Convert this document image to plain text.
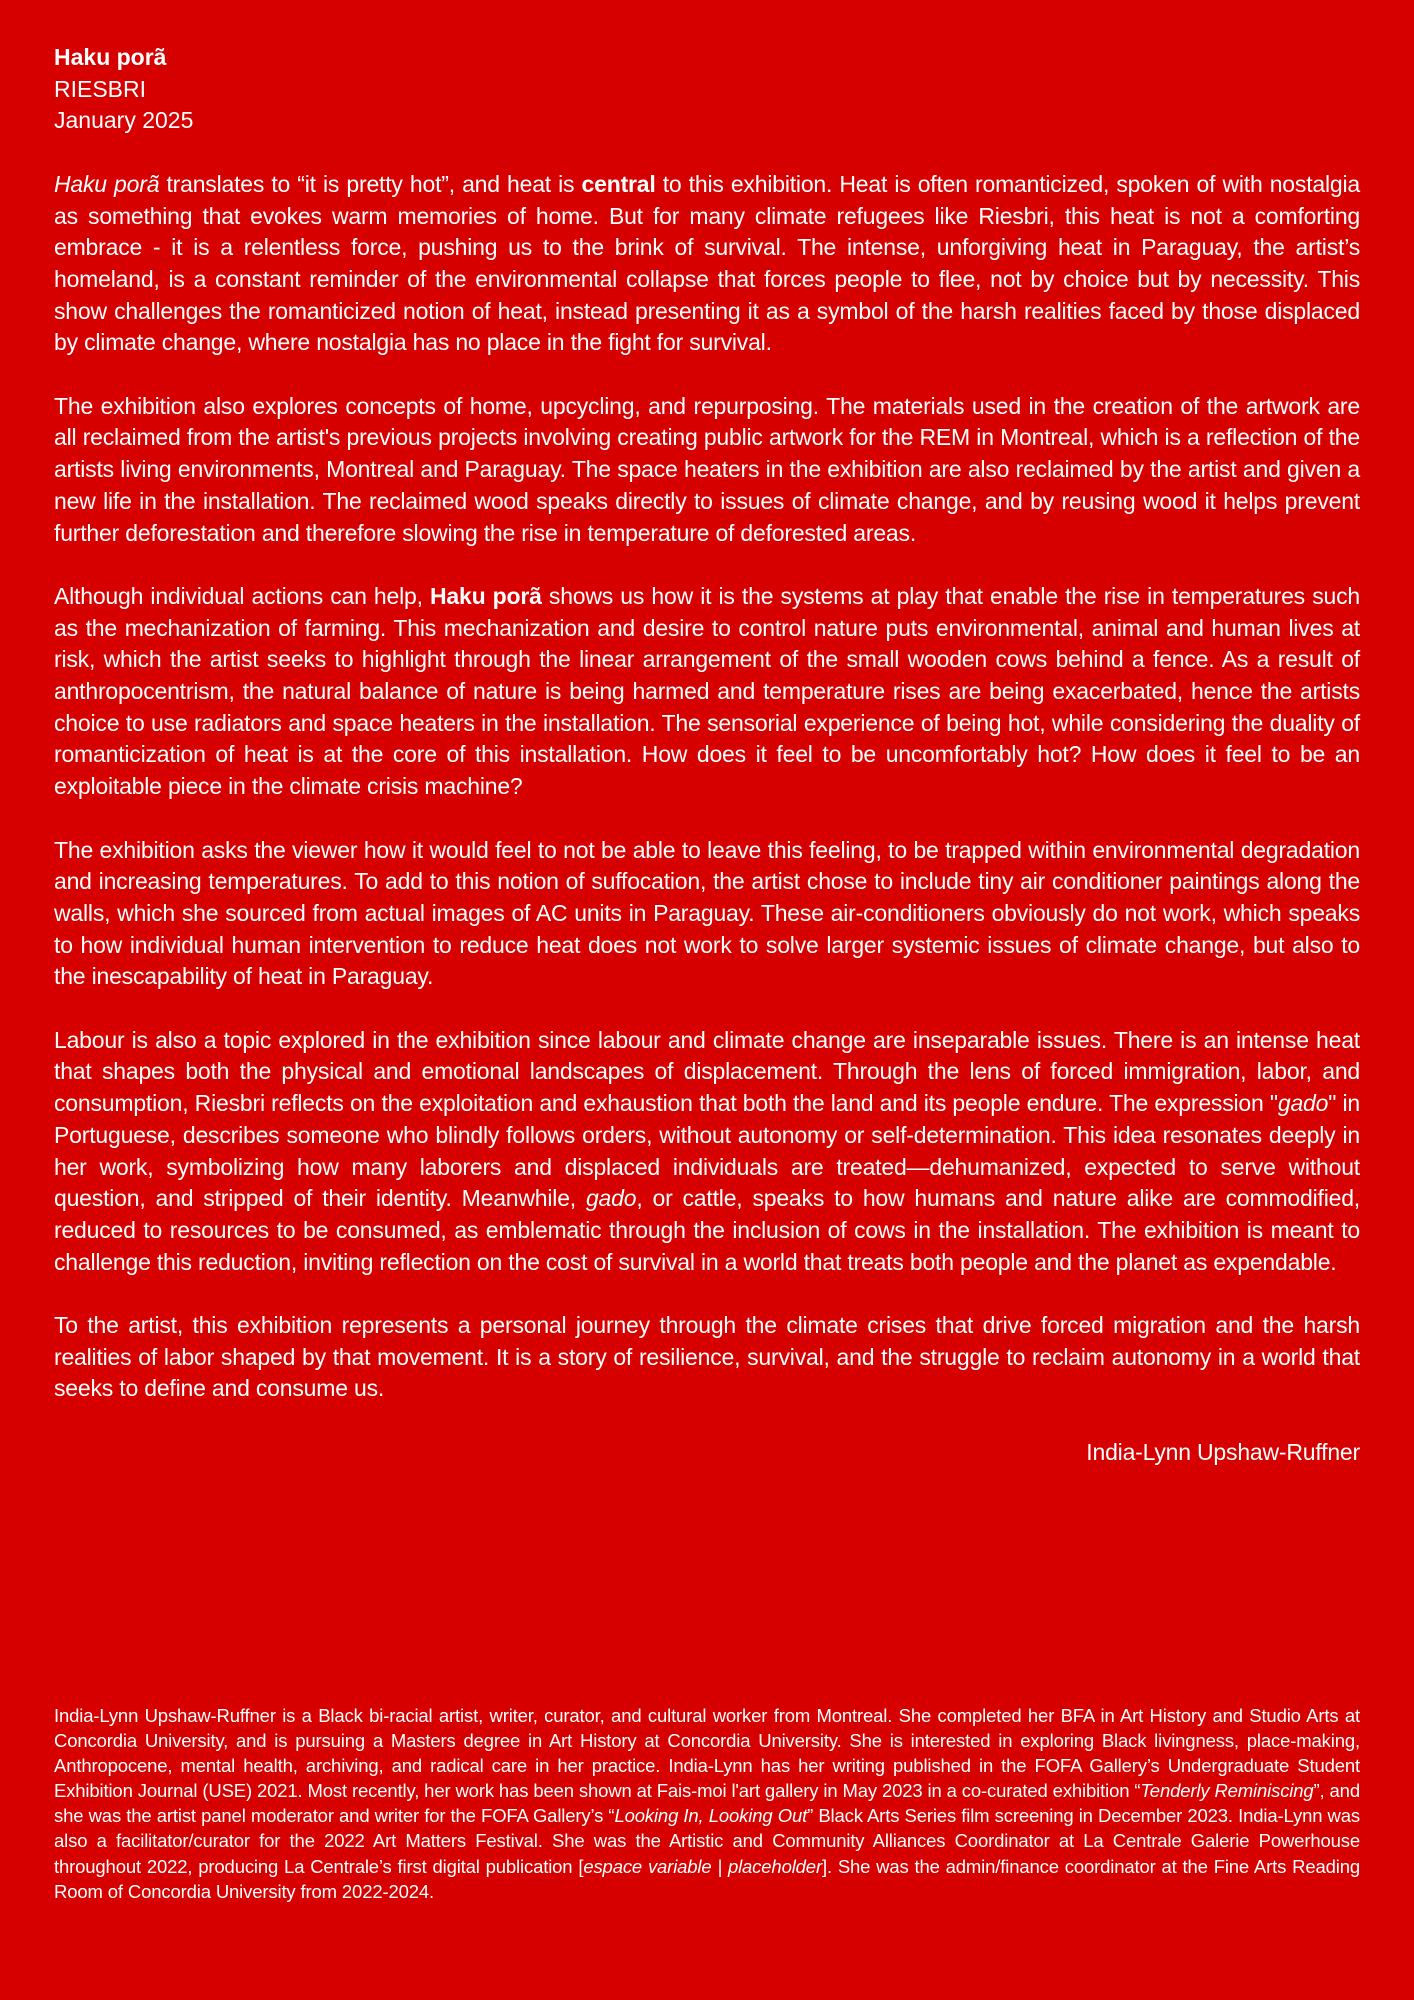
Haku porã
RIESBRI
January 2025

Haku porã translates to “it is pretty hot”, and heat is central to this exhibition. Heat is often romanticized, spoken of with nostalgia as something that evokes warm memories of home. But for many climate refugees like Riesbri, this heat is not a comforting embrace - it is a relentless force, pushing us to the brink of survival. The intense, unforgiving heat in Paraguay, the artist’s homeland, is a constant reminder of the environmental collapse that forces people to flee, not by choice but by necessity. This show challenges the romanticized notion of heat, instead presenting it as a symbol of the harsh realities faced by those displaced by climate change, where nostalgia has no place in the fight for survival.

The exhibition also explores concepts of home, upcycling, and repurposing. The materials used in the creation of the artwork are all reclaimed from the artist's previous projects involving creating public artwork for the REM in Montreal, which is a reflection of the artists living environments, Montreal and Paraguay. The space heaters in the exhibition are also reclaimed by the artist and given a new life in the installation. The reclaimed wood speaks directly to issues of climate change, and by reusing wood it helps prevent further deforestation and therefore slowing the rise in temperature of deforested areas.

Although individual actions can help, Haku porã shows us how it is the systems at play that enable the rise in temperatures such as the mechanization of farming. This mechanization and desire to control nature puts environmental, animal and human lives at risk, which the artist seeks to highlight through the linear arrangement of the small wooden cows behind a fence. As a result of anthropocentrism, the natural balance of nature is being harmed and temperature rises are being exacerbated, hence the artists choice to use radiators and space heaters in the installation. The sensorial experience of being hot, while considering the duality of romanticization of heat is at the core of this installation. How does it feel to be uncomfortably hot? How does it feel to be an exploitable piece in the climate crisis machine?

The exhibition asks the viewer how it would feel to not be able to leave this feeling, to be trapped within environmental degradation and increasing temperatures. To add to this notion of suffocation, the artist chose to include tiny air conditioner paintings along the walls, which she sourced from actual images of AC units in Paraguay. These air-conditioners obviously do not work, which speaks to how individual human intervention to reduce heat does not work to solve larger systemic issues of climate change, but also to the inescapability of heat in Paraguay.

Labour is also a topic explored in the exhibition since labour and climate change are inseparable issues. There is an intense heat that shapes both the physical and emotional landscapes of displacement. Through the lens of forced immigration, labor, and consumption, Riesbri reflects on the exploitation and exhaustion that both the land and its people endure. The expression "gado" in Portuguese, describes someone who blindly follows orders, without autonomy or self-determination. This idea resonates deeply in her work, symbolizing how many laborers and displaced individuals are treated—dehumanized, expected to serve without question, and stripped of their identity. Meanwhile, gado, or cattle, speaks to how humans and nature alike are commodified, reduced to resources to be consumed, as emblematic through the inclusion of cows in the installation. The exhibition is meant to challenge this reduction, inviting reflection on the cost of survival in a world that treats both people and the planet as expendable.

To the artist, this exhibition represents a personal journey through the climate crises that drive forced migration and the harsh realities of labor shaped by that movement. It is a story of resilience, survival, and the struggle to reclaim autonomy in a world that seeks to define and consume us.

India-Lynn Upshaw-Ruffner

India-Lynn Upshaw-Ruffner is a Black bi-racial artist, writer, curator, and cultural worker from Montreal. She completed her BFA in Art History and Studio Arts at Concordia University, and is pursuing a Masters degree in Art History at Concordia University. She is interested in exploring Black livingness, place-making, Anthropocene, mental health, archiving, and radical care in her practice. India-Lynn has her writing published in the FOFA Gallery’s Undergraduate Student Exhibition Journal (USE) 2021. Most recently, her work has been shown at Fais-moi l'art gallery in May 2023 in a co-curated exhibition “Tenderly Reminiscing”, and she was the artist panel moderator and writer for the FOFA Gallery’s “Looking In, Looking Out” Black Arts Series film screening in December 2023. India-Lynn was also a facilitator/curator for the 2022 Art Matters Festival. She was the Artistic and Community Alliances Coordinator at La Centrale Galerie Powerhouse throughout 2022, producing La Centrale’s first digital publication [espace variable | placeholder]. She was the admin/finance coordinator at the Fine Arts Reading Room of Concordia University from 2022-2024.
